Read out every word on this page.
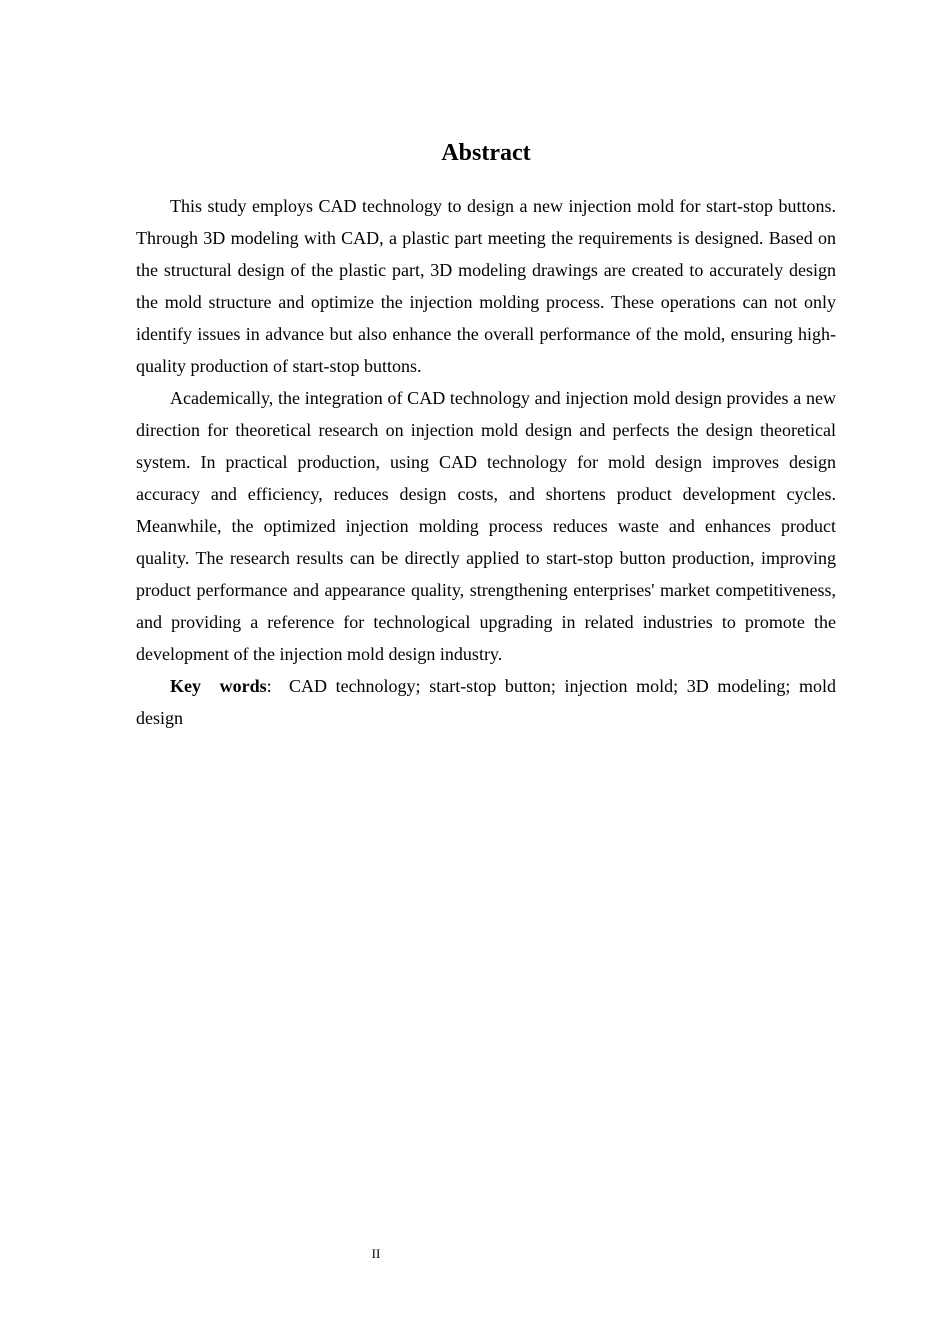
Abstract

This study employs CAD technology to design a new injection mold for start-stop buttons. Through 3D modeling with CAD, a plastic part meeting the requirements is designed. Based on the structural design of the plastic part, 3D modeling drawings are created to accurately design the mold structure and optimize the injection molding process. These operations can not only identify issues in advance but also enhance the overall performance of the mold, ensuring high-quality production of start-stop buttons.

Academically, the integration of CAD technology and injection mold design provides a new direction for theoretical research on injection mold design and perfects the design theoretical system. In practical production, using CAD technology for mold design improves design accuracy and efficiency, reduces design costs, and shortens product development cycles. Meanwhile, the optimized injection molding process reduces waste and enhances product quality. The research results can be directly applied to start-stop button production, improving product performance and appearance quality, strengthening enterprises' market competitiveness, and providing a reference for technological upgrading in related industries to promote the development of the injection mold design industry.

Key words: CAD technology; start-stop button; injection mold; 3D modeling; mold design

II
